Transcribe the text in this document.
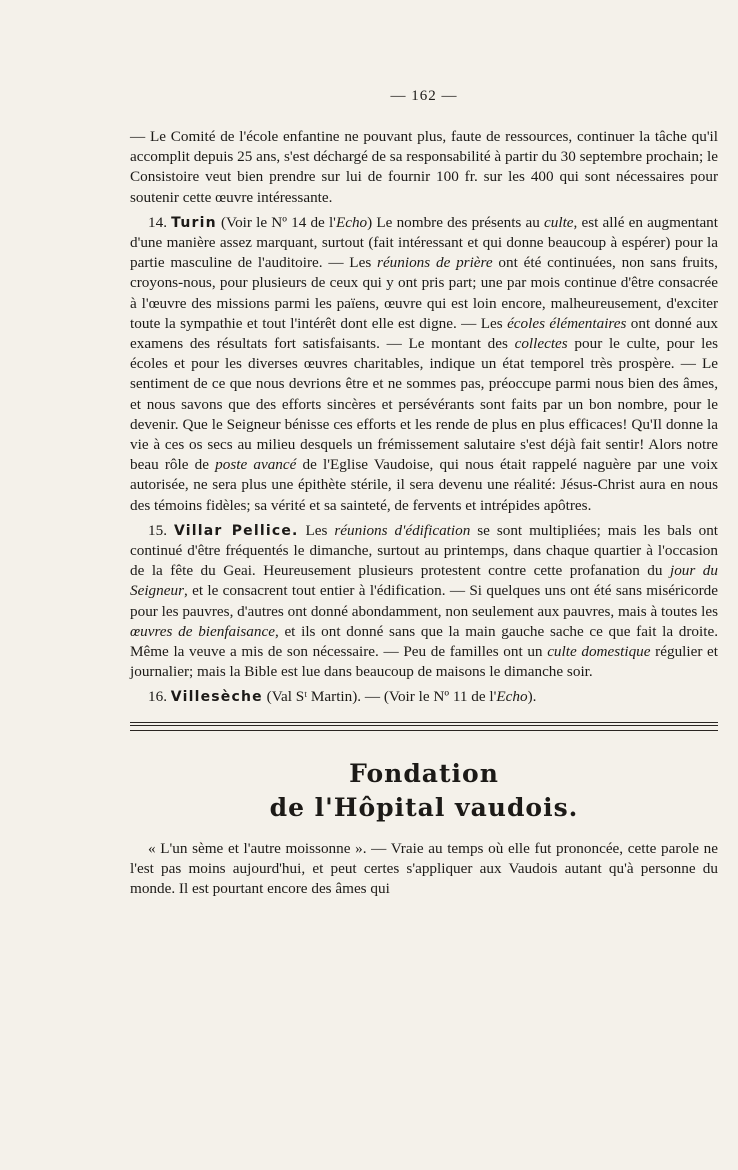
— 162 —

— Le Comité de l'école enfantine ne pouvant plus, faute de ressources, continuer la tâche qu'il accomplit depuis 25 ans, s'est déchargé de sa responsabilité à partir du 30 septembre prochain; le Consistoire veut bien prendre sur lui de fournir 100 fr. sur les 400 qui sont nécessaires pour soutenir cette œuvre intéressante.

14. Turin (Voir le Nº 14 de l'Echo) Le nombre des présents au culte, est allé en augmentant d'une manière assez marquant, surtout (fait intéressant et qui donne beaucoup à espérer) pour la partie masculine de l'auditoire. — Les réunions de prière ont été continuées, non sans fruits, croyons-nous, pour plusieurs de ceux qui y ont pris part; une par mois continue d'être consacrée à l'œuvre des missions parmi les païens, œuvre qui est loin encore, malheureusement, d'exciter toute la sympathie et tout l'intérêt dont elle est digne. — Les écoles élémentaires ont donné aux examens des résultats fort satisfaisants. — Le montant des collectes pour le culte, pour les écoles et pour les diverses œuvres charitables, indique un état temporel très prospère. — Le sentiment de ce que nous devrions être et ne sommes pas, préoccupe parmi nous bien des âmes, et nous savons que des efforts sincères et persévérants sont faits par un bon nombre, pour le devenir. Que le Seigneur bénisse ces efforts et les rende de plus en plus efficaces! Qu'Il donne la vie à ces os secs au milieu desquels un frémissement salutaire s'est déjà fait sentir! Alors notre beau rôle de poste avancé de l'Eglise Vaudoise, qui nous était rappelé naguère par une voix autorisée, ne sera plus une épithète stérile, il sera devenu une réalité: Jésus-Christ aura en nous des témoins fidèles; sa vérité et sa sainteté, de fervents et intrépides apôtres.

15. Villar Pellice. Les réunions d'édification se sont multipliées; mais les bals ont continué d'être fréquentés le dimanche, surtout au printemps, dans chaque quartier à l'occasion de la fête du Geai. Heureusement plusieurs protestent contre cette profanation du jour du Seigneur, et le consacrent tout entier à l'édification. — Si quelques uns ont été sans miséricorde pour les pauvres, d'autres ont donné abondamment, non seulement aux pauvres, mais à toutes les œuvres de bienfaisance, et ils ont donné sans que la main gauche sache ce que fait la droite. Même la veuve a mis de son nécessaire. — Peu de familles ont un culte domestique régulier et journalier; mais la Bible est lue dans beaucoup de maisons le dimanche soir.

16. Villesèche (Val Sᵗ Martin). — (Voir le Nº 11 de l'Echo).

Fondation
de l'Hôpital vaudois.

« L'un sème et l'autre moissonne ». — Vraie au temps où elle fut prononcée, cette parole ne l'est pas moins aujourd'hui, et peut certes s'appliquer aux Vaudois autant qu'à personne du monde. Il est pourtant encore des âmes qui
